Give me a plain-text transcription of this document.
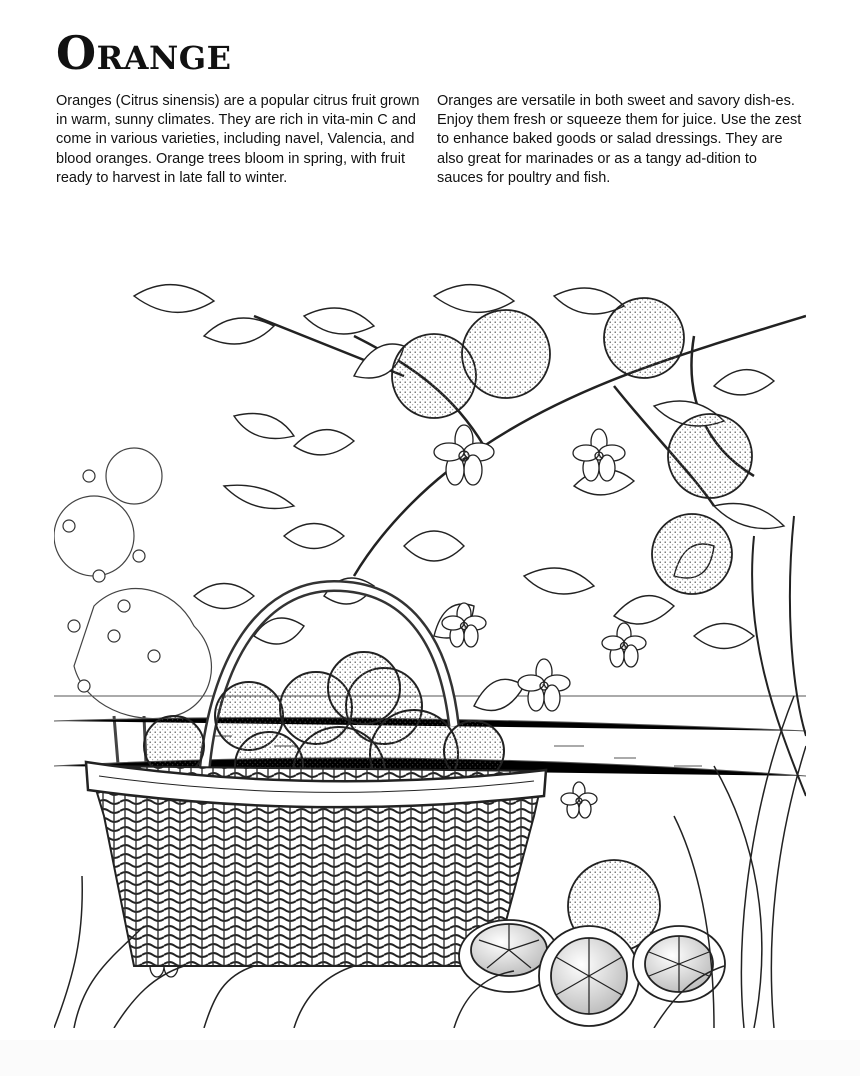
Orange

Oranges (Citrus sinensis) are a popular citrus fruit grown in warm, sunny climates. They are rich in vita-min C and come in various varieties, including navel, Valencia, and blood oranges. Orange trees bloom in spring, with fruit ready to harvest in late fall to winter.

Oranges are versatile in both sweet and savory dish-es. Enjoy them fresh or squeeze them for juice. Use the zest to enhance baked goods or salad dressings. They are also great for marinades or as a tangy ad-dition to sauces for poultry and fish.
